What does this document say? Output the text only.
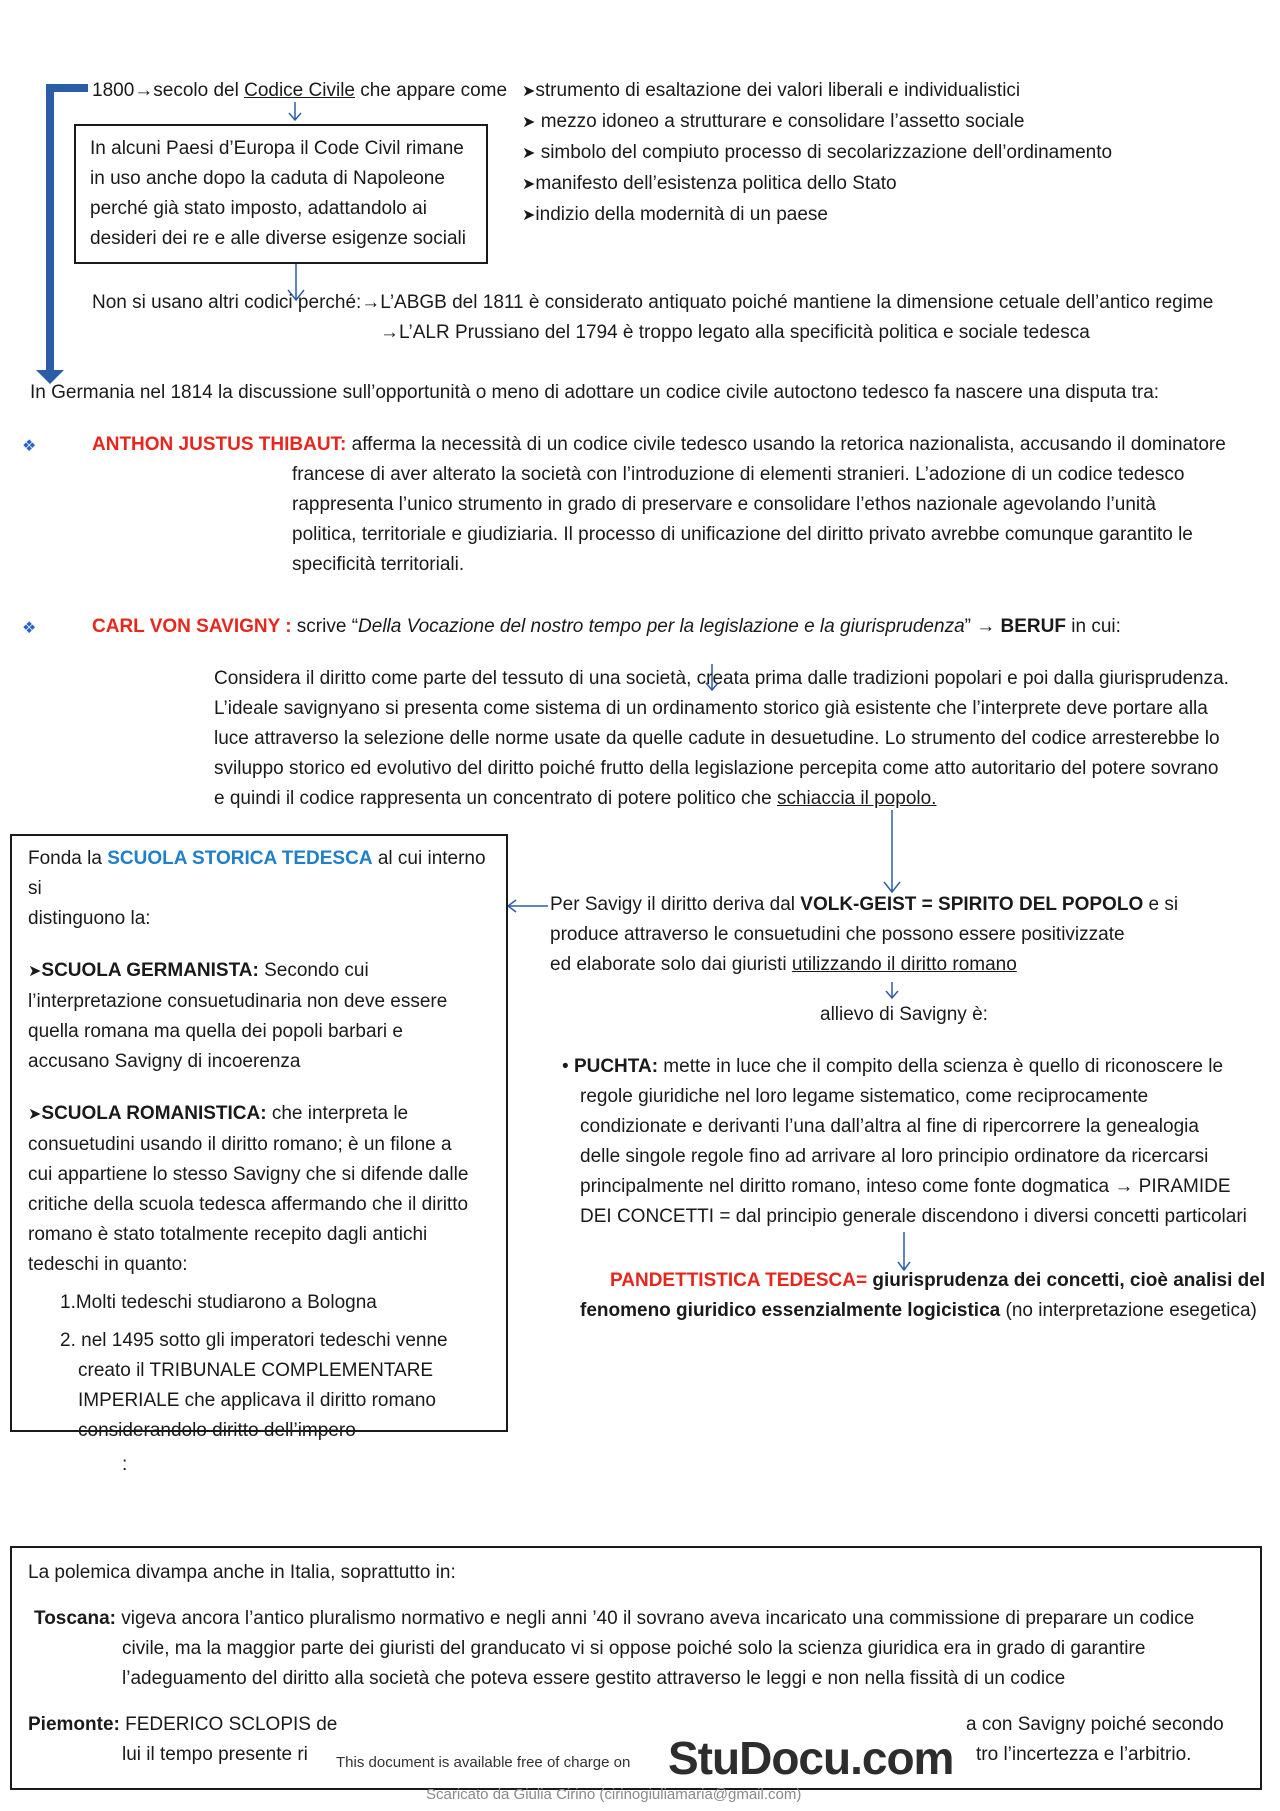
1800→secolo del Codice Civile che appare come ➤strumento di esaltazione dei valori liberali e individualistici
➤ mezzo idoneo a strutturare e consolidare l’assetto sociale
➤ simbolo del compiuto processo di secolarizzazione dell’ordinamento
➤manifesto dell’esistenza politica dello Stato
➤indizio della modernità di un paese
In alcuni Paesi d’Europa il Code Civil rimane
in uso anche dopo la caduta di Napoleone
perché già stato imposto, adattandolo ai
desideri dei re e alle diverse esigenze sociali
Non si usano altri codici perché:→L’ABGB del 1811 è considerato antiquato poiché mantiene la dimensione cetuale dell’antico regime
→L’ALR Prussiano del 1794 è troppo legato alla specificità politica e sociale tedesca
In Germania nel 1814 la discussione sull’opportunità o meno di adottare un codice civile autoctono tedesco fa nascere una disputa tra:
❖	ANTHON JUSTUS THIBAUT: afferma la necessità di un codice civile tedesco usando la retorica nazionalista, accusando il dominatore
francese di aver alterato la società con l’introduzione di elementi stranieri. L’adozione di un codice tedesco
rappresenta l’unico strumento in grado di preservare e consolidare l’ethos nazionale agevolando l’unità
politica, territoriale e giudiziaria. Il processo di unificazione del diritto privato avrebbe comunque garantito le
specificità territoriali.
❖	CARL VON SAVIGNY : scrive “Della Vocazione del nostro tempo per la legislazione e la giurisprudenza” → BERUF in cui:
Considera il diritto come parte del tessuto di una società, creata prima dalle tradizioni popolari e poi dalla giurisprudenza.
L’ideale savignyano si presenta come sistema di un ordinamento storico già esistente che l’interprete deve portare alla
luce attraverso la selezione delle norme usate da quelle cadute in desuetudine. Lo strumento del codice arresterebbe lo
sviluppo storico ed evolutivo del diritto poiché frutto della legislazione percepita come atto autoritario del potere sovrano
e quindi il codice rappresenta un concentrato di potere politico che schiaccia il popolo.
Fonda la SCUOLA STORICA TEDESCA al cui interno si
distinguono la:
➤SCUOLA GERMANISTA: Secondo cui
l’interpretazione consuetudinaria non deve essere
quella romana ma quella dei popoli barbari e
accusano Savigny di incoerenza
➤SCUOLA ROMANISTICA: che interpreta le
consuetudini usando il diritto romano; è un filone a
cui appartiene lo stesso Savigny che si difende dalle
critiche della scuola tedesca affermando che il diritto
romano è stato totalmente recepito dagli antichi
tedeschi in quanto:
1.Molti tedeschi studiarono a Bologna
2. nel 1495 sotto gli imperatori tedeschi venne
creato il TRIBUNALE COMPLEMENTARE
IMPERIALE che applicava il diritto romano
considerandolo diritto dell’impero
:
Per Savigy il diritto deriva dal VOLK-GEIST = SPIRITO DEL POPOLO e si
produce attraverso le consuetudini che possono essere positivizzate
ed elaborate solo dai giuristi utilizzando il diritto romano
allievo di Savigny è:
• PUCHTA: mette in luce che il compito della scienza è quello di riconoscere le
regole giuridiche nel loro legame sistematico, come reciprocamente
condizionate e derivanti l’una dall’altra al fine di ripercorrere la genealogia
delle singole regole fino ad arrivare al loro principio ordinatore da ricercarsi
principalmente nel diritto romano, inteso come fonte dogmatica → PIRAMIDE
DEI CONCETTI = dal principio generale discendono i diversi concetti particolari
PANDETTISTICA TEDESCA= giurisprudenza dei concetti, cioè analisi del
fenomeno giuridico essenzialmente logicistica (no interpretazione esegetica)
La polemica divampa anche in Italia, soprattutto in:
Toscana: vigeva ancora l’antico pluralismo normativo e negli anni ’40 il sovrano aveva incaricato una commissione di preparare un codice
civile, ma la maggior parte dei giuristi del granducato vi si oppose poiché solo la scienza giuridica era in grado di garantire
l’adeguamento del diritto alla società che poteva essere gestito attraverso le leggi e non nella fissità di un codice
Piemonte: FEDERICO SCLOPIS de	a con Savigny poiché secondo
lui il tempo presente ri	tro l’incertezza e l’arbitrio.
This document is available free of charge on StuDocu.com
Scaricato da Giulia Cirino (cirinogiuliamaria@gmail.com)
